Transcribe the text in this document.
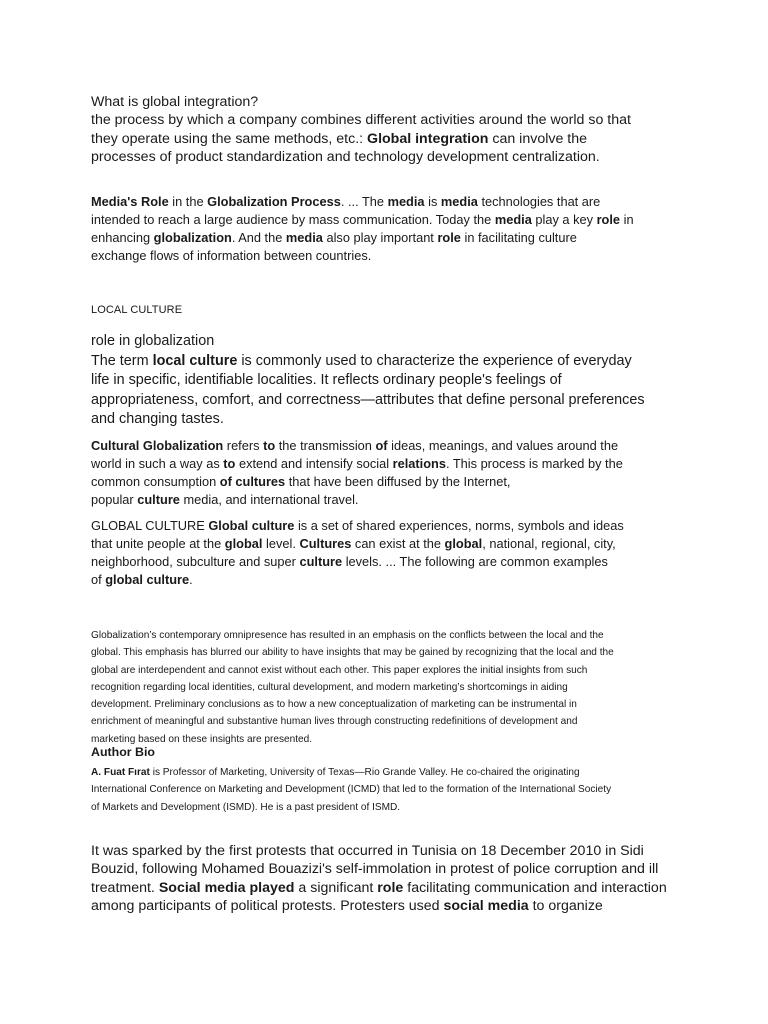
What is global integration?
the process by which a company combines different activities around the world so that
they operate using the same methods, etc.: Global integration can involve the
processes of product standardization and technology development centralization.
Media's Role in the Globalization Process. ... The media is media technologies that are
intended to reach a large audience by mass communication. Today the media play a key role in
enhancing globalization. And the media also play important role in facilitating culture
exchange flows of information between countries.
LOCAL CULTURE
role in globalization
The term local culture is commonly used to characterize the experience of everyday
life in specific, identifiable localities. It reflects ordinary people's feelings of
appropriateness, comfort, and correctness—attributes that define personal preferences
and changing tastes.
Cultural Globalization refers to the transmission of ideas, meanings, and values around the
world in such a way as to extend and intensify social relations. This process is marked by the
common consumption of cultures that have been diffused by the Internet,
popular culture media, and international travel.
GLOBAL CULTURE Global culture is a set of shared experiences, norms, symbols and ideas
that unite people at the global level. Cultures can exist at the global, national, regional, city,
neighborhood, subculture and super culture levels. ... The following are common examples
of global culture.
Globalization’s contemporary omnipresence has resulted in an emphasis on the conflicts between the local and the
global. This emphasis has blurred our ability to have insights that may be gained by recognizing that the local and the
global are interdependent and cannot exist without each other. This paper explores the initial insights from such
recognition regarding local identities, cultural development, and modern marketing’s shortcomings in aiding
development. Preliminary conclusions as to how a new conceptualization of marketing can be instrumental in
enrichment of meaningful and substantive human lives through constructing redefinitions of development and
marketing based on these insights are presented.
Author Bio
A. Fuat Fırat is Professor of Marketing, University of Texas—Rio Grande Valley. He co-chaired the originating
International Conference on Marketing and Development (ICMD) that led to the formation of the International Society
of Markets and Development (ISMD). He is a past president of ISMD.
It was sparked by the first protests that occurred in Tunisia on 18 December 2010 in Sidi
Bouzid, following Mohamed Bouazizi's self-immolation in protest of police corruption and ill
treatment. Social media played a significant role facilitating communication and interaction
among participants of political protests. Protesters used social media to organize
